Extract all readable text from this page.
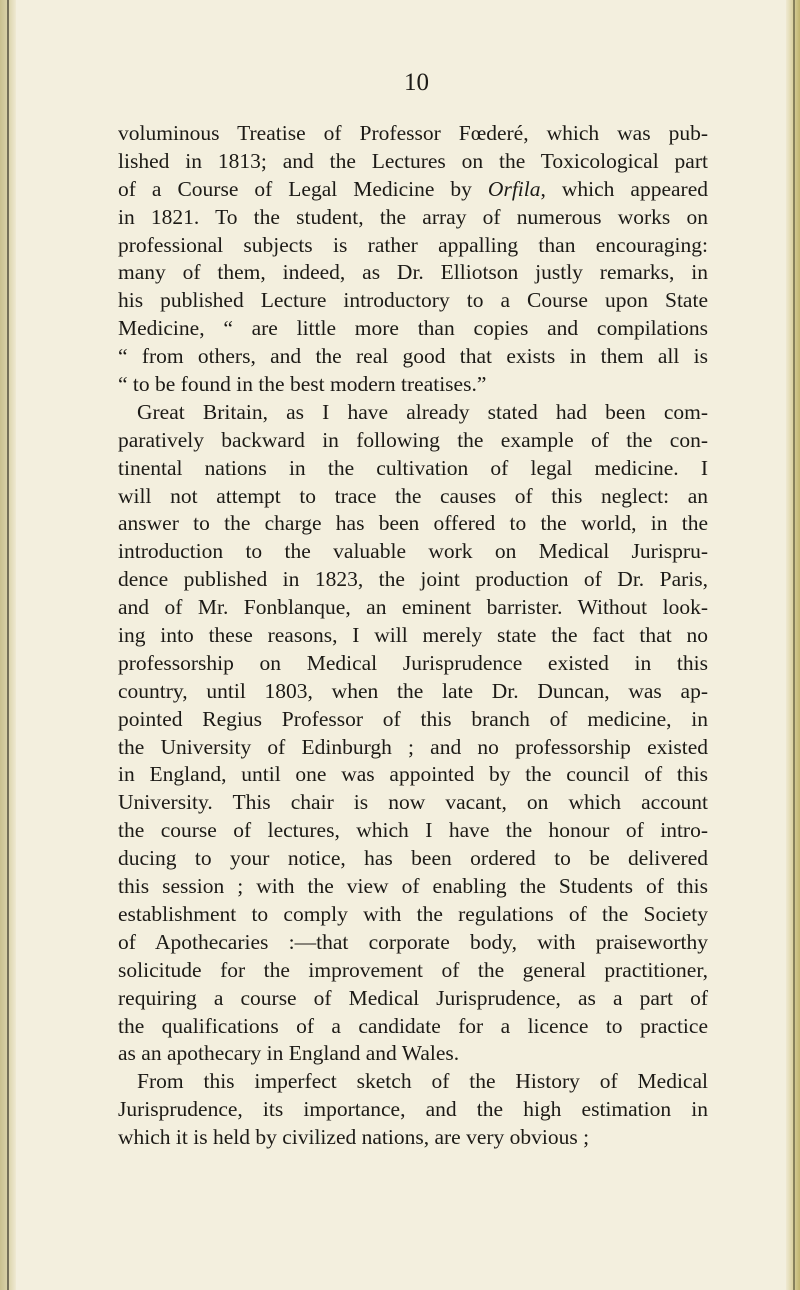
10
voluminous Treatise of Professor Fœderé, which was pub-
lished in 1813; and the Lectures on the Toxicological part
of a Course of Legal Medicine by Orfila, which appeared
in 1821. To the student, the array of numerous works on
professional subjects is rather appalling than encouraging:
many of them, indeed, as Dr. Elliotson justly remarks, in
his published Lecture introductory to a Course upon State
Medicine, “ are little more than copies and compilations
“ from others, and the real good that exists in them all is
“ to be found in the best modern treatises.”
Great Britain, as I have already stated had been com-
paratively backward in following the example of the con-
tinental nations in the cultivation of legal medicine. I
will not attempt to trace the causes of this neglect: an
answer to the charge has been offered to the world, in the
introduction to the valuable work on Medical Jurispru-
dence published in 1823, the joint production of Dr. Paris,
and of Mr. Fonblanque, an eminent barrister. Without look-
ing into these reasons, I will merely state the fact that no
professorship on Medical Jurisprudence existed in this
country, until 1803, when the late Dr. Duncan, was ap-
pointed Regius Professor of this branch of medicine, in
the University of Edinburgh ; and no professorship existed
in England, until one was appointed by the council of this
University. This chair is now vacant, on which account
the course of lectures, which I have the honour of intro-
ducing to your notice, has been ordered to be delivered
this session ; with the view of enabling the Students of this
establishment to comply with the regulations of the Society
of Apothecaries :—that corporate body, with praiseworthy
solicitude for the improvement of the general practitioner,
requiring a course of Medical Jurisprudence, as a part of
the qualifications of a candidate for a licence to practice
as an apothecary in England and Wales.
From this imperfect sketch of the History of Medical
Jurisprudence, its importance, and the high estimation in
which it is held by civilized nations, are very obvious ;
